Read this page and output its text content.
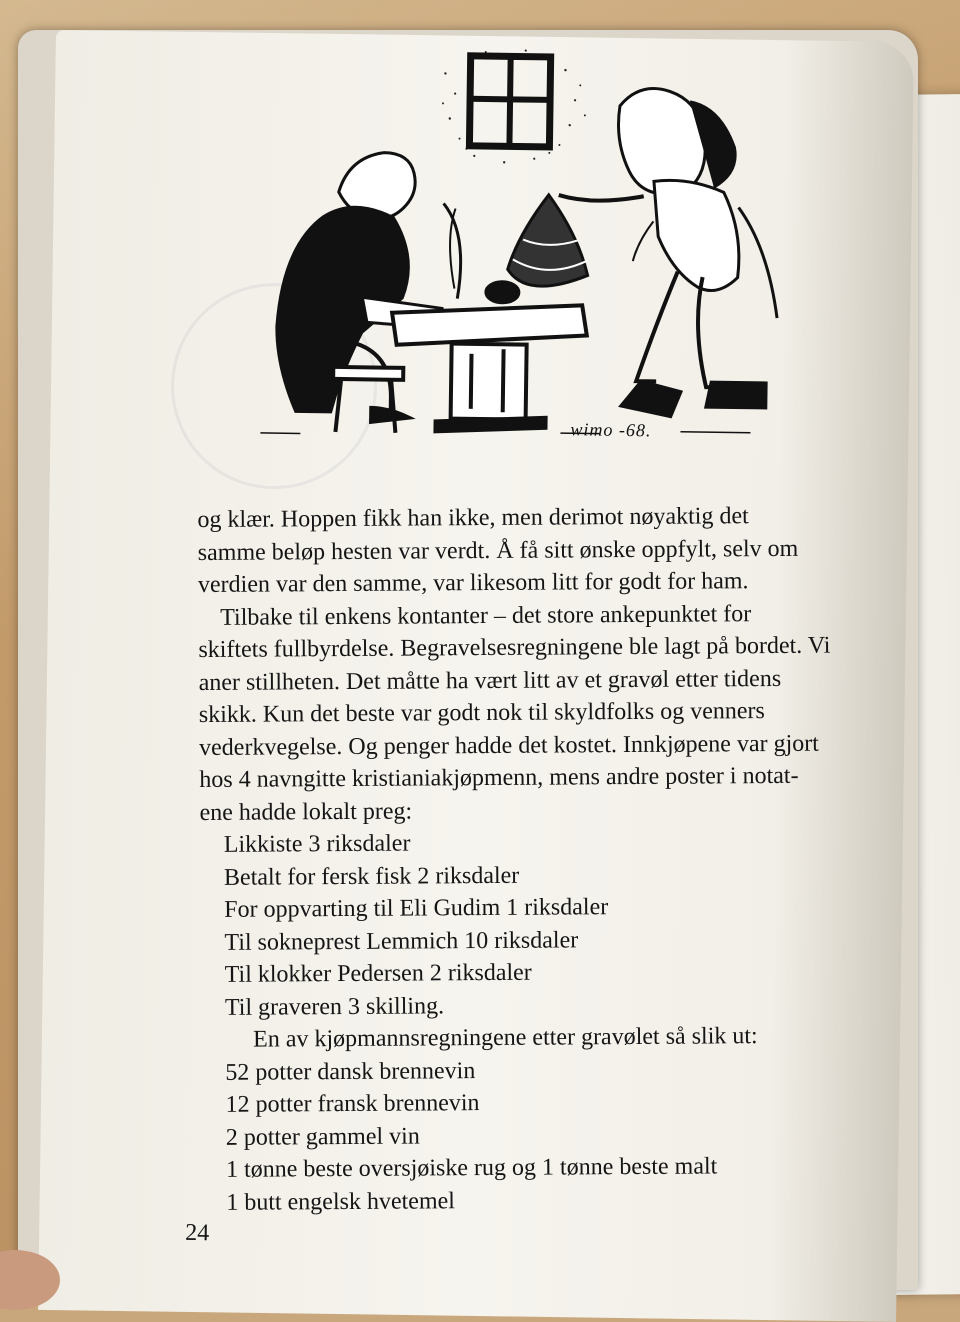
wimo -68.
og klær. Hoppen fikk han ikke, men derimot nøyaktig det
samme beløp hesten var verdt. Å få sitt ønske oppfylt, selv om
verdien var den samme, var likesom litt for godt for ham.
Tilbake til enkens kontanter – det store ankepunktet for
skiftets fullbyrdelse. Begravelsesregningene ble lagt på bordet. Vi
aner stillheten. Det måtte ha vært litt av et gravøl etter tidens
skikk. Kun det beste var godt nok til skyldfolks og venners
vederkvegelse. Og penger hadde det kostet. Innkjøpene var gjort
hos 4 navngitte kristianiakjøpmenn, mens andre poster i notat-
ene hadde lokalt preg:
Likkiste 3 riksdaler
Betalt for fersk fisk 2 riksdaler
For oppvarting til Eli Gudim 1 riksdaler
Til sokneprest Lemmich 10 riksdaler
Til klokker Pedersen 2 riksdaler
Til graveren 3 skilling.
En av kjøpmannsregningene etter gravølet så slik ut:
52 potter dansk brennevin
12 potter fransk brennevin
2 potter gammel vin
1 tønne beste oversjøiske rug og 1 tønne beste malt
1 butt engelsk hvetemel
24
